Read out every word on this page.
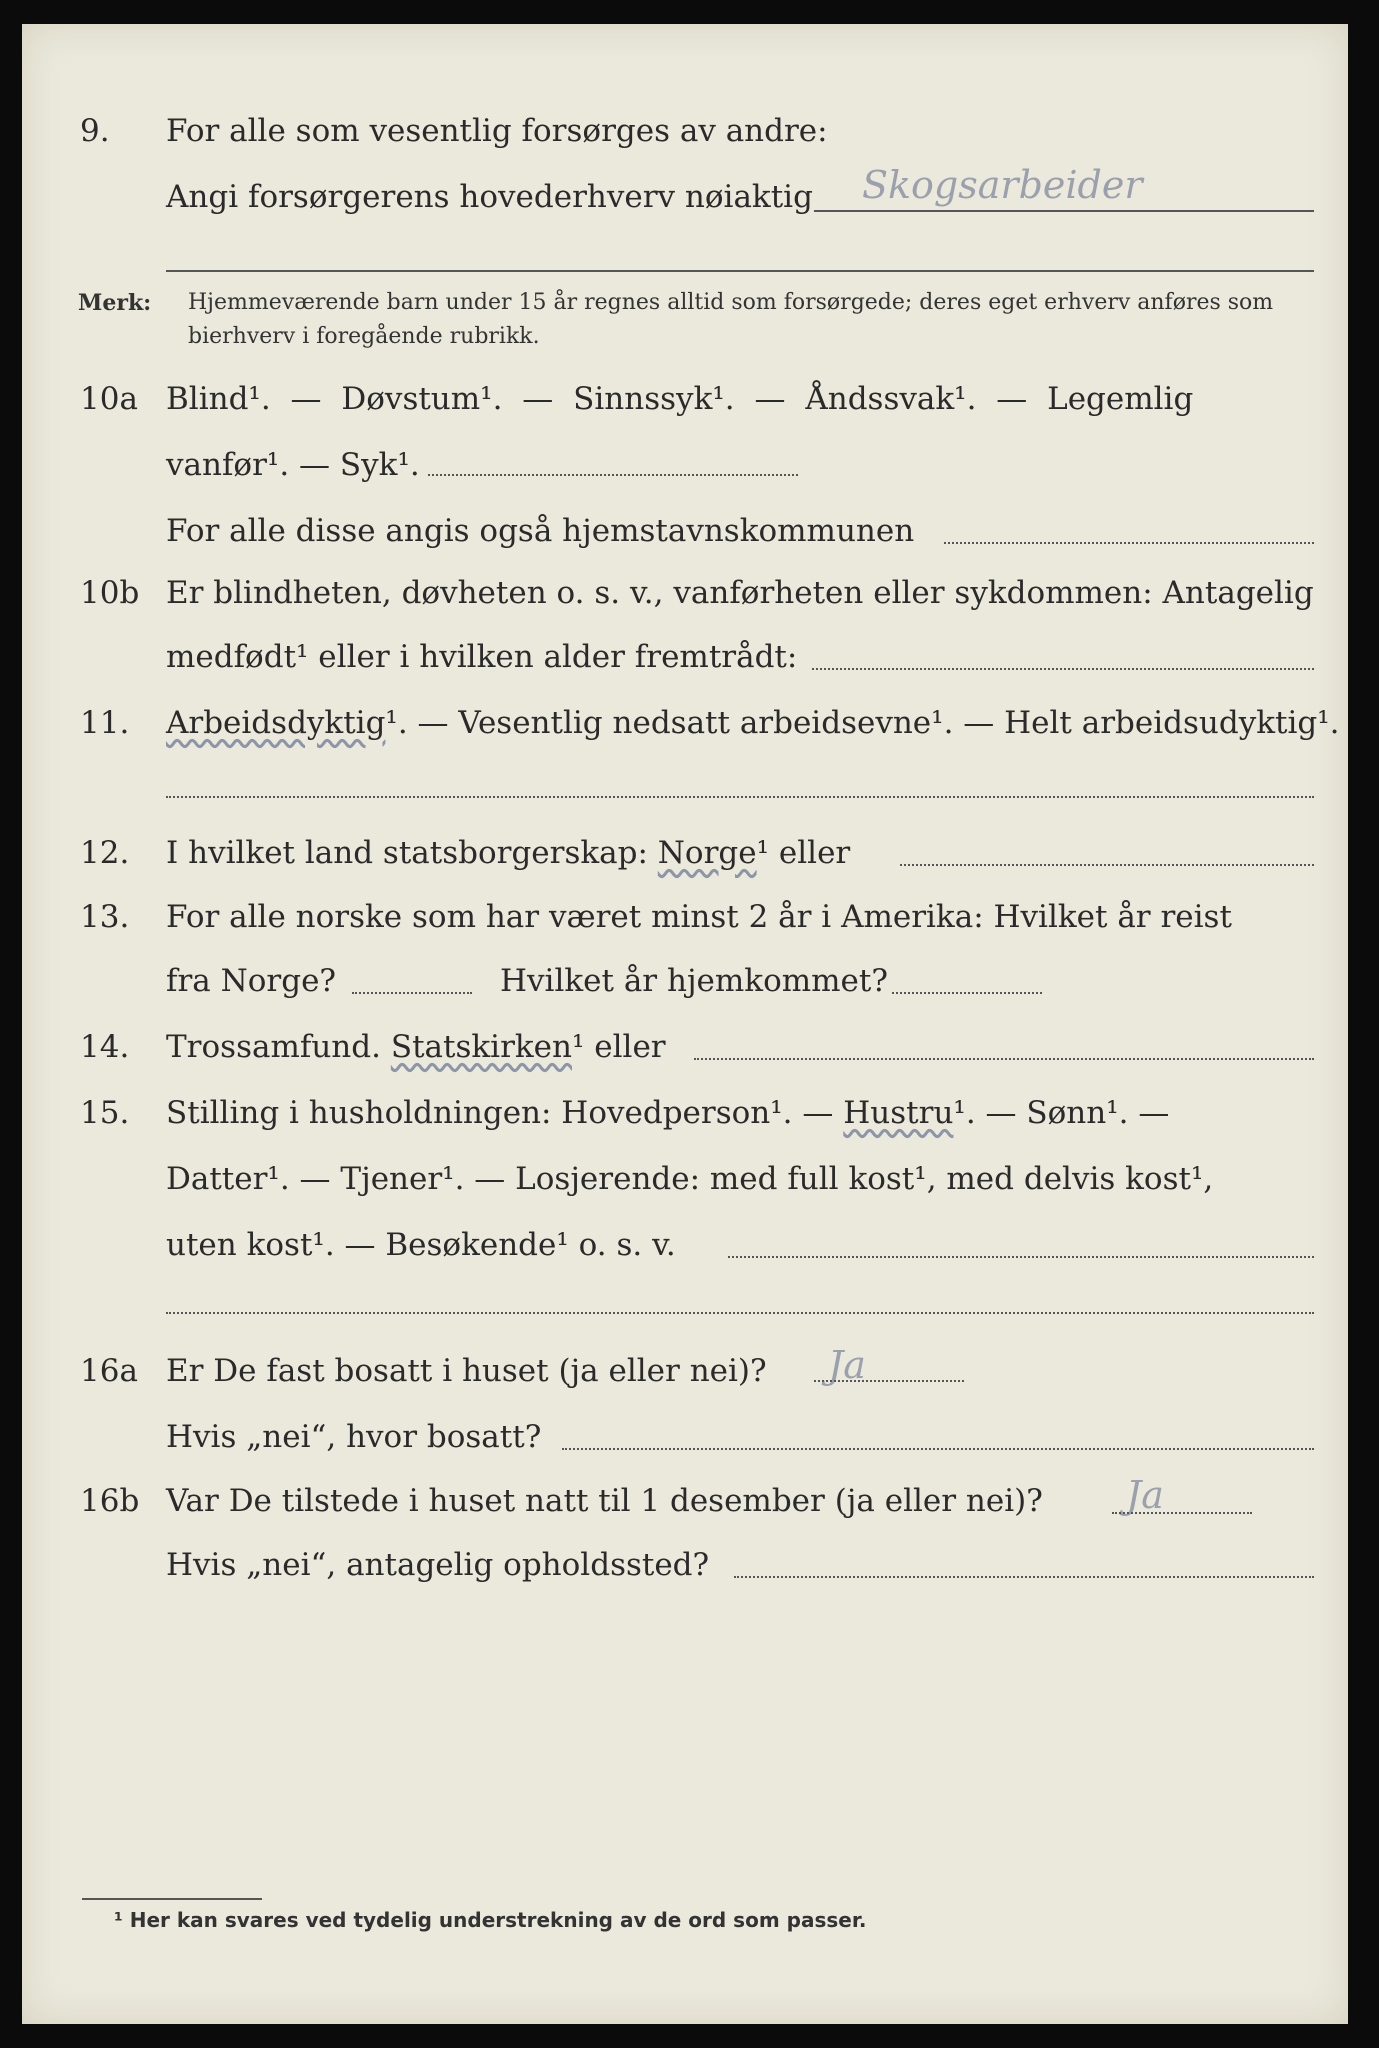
9. For alle som vesentlig forsørges av andre:
Angi forsørgerens hovederhverv nøiaktig Skogsarbeider
Merk: Hjemmeværende barn under 15 år regnes alltid som forsørgede; deres eget erhverv anføres som bierhverv i foregående rubrikk.
10a Blind¹. — Døvstum¹. — Sinnssyk¹. — Åndssvak¹. — Legemlig
vanfør¹. — Syk¹.
For alle disse angis også hjemstavnskommunen
10b Er blindheten, døvheten o. s. v., vanførheten eller sykdommen: Antagelig
medfødt¹ eller i hvilken alder fremtrådt:
11. Arbeidsdyktig¹. — Vesentlig nedsatt arbeidsevne¹. — Helt arbeidsudyktig¹.
12. I hvilket land statsborgerskap: Norge¹ eller
13. For alle norske som har været minst 2 år i Amerika: Hvilket år reist
fra Norge?	Hvilket år hjemkommet?
14. Trossamfund. Statskirken¹ eller
15. Stilling i husholdningen: Hovedperson¹. — Hustru¹. — Sønn¹. —
Datter¹. — Tjener¹. — Losjerende: med full kost¹, med delvis kost¹,
uten kost¹. — Besøkende¹ o. s. v.
16a Er De fast bosatt i huset (ja eller nei)? Ja
Hvis „nei“, hvor bosatt?
16b Var De tilstede i huset natt til 1 desember (ja eller nei)? Ja
Hvis „nei“, antagelig opholdssted?
¹ Her kan svares ved tydelig understrekning av de ord som passer.
